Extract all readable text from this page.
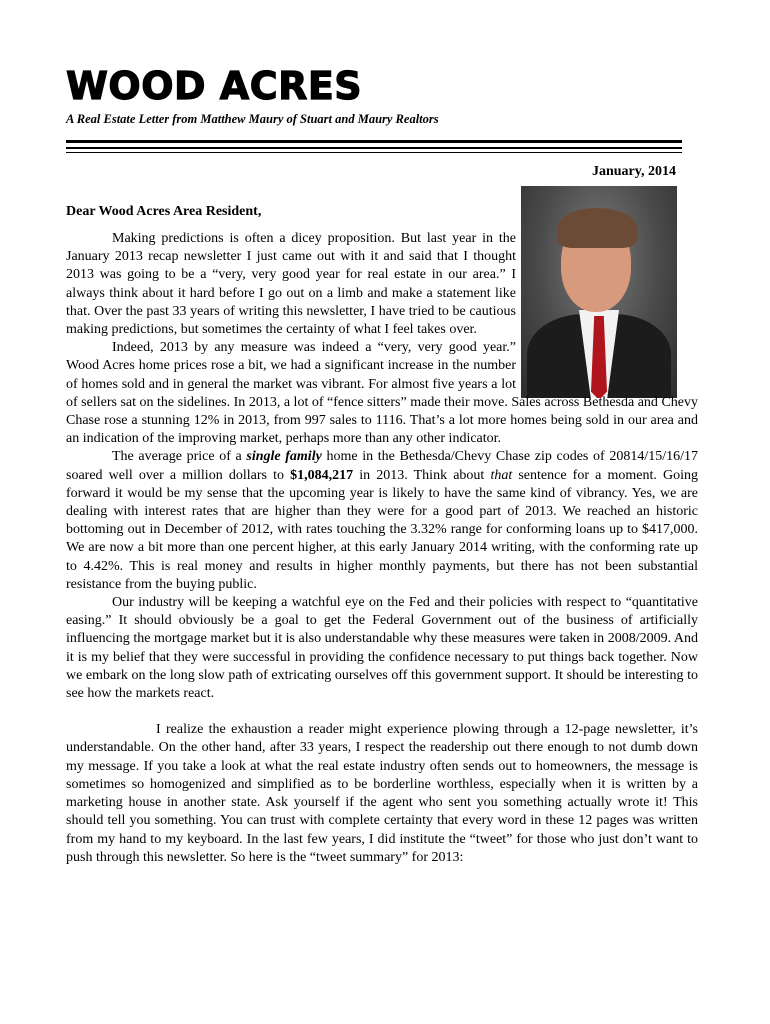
WOOD ACRES
A Real Estate Letter from Matthew Maury of Stuart and Maury Realtors
January, 2014
Dear Wood Acres Area Resident,

Making predictions is often a dicey proposition. But last year in the January 2013 recap newsletter I just came out with it and said that I thought 2013 was going to be a “very, very good year for real estate in our area.” I always think about it hard before I go out on a limb and make a statement like that. Over the past 33 years of writing this newsletter, I have tried to be cautious making predictions, but sometimes the certainty of what I feel takes over.

Indeed, 2013 by any measure was indeed a “very, very good year.” Wood Acres home prices rose a bit, we had a significant increase in the number of homes sold and in general the market was vibrant. For almost five years a lot of sellers sat on the sidelines. In 2013, a lot of “fence sitters” made their move. Sales across Bethesda and Chevy Chase rose a stunning 12% in 2013, from 997 sales to 1116. That’s a lot more homes being sold in our area and an indication of the improving market, perhaps more than any other indicator.

The average price of a single family home in the Bethesda/Chevy Chase zip codes of 20814/15/16/17 soared well over a million dollars to $1,084,217 in 2013. Think about that sentence for a moment. Going forward it would be my sense that the upcoming year is likely to have the same kind of vibrancy. Yes, we are dealing with interest rates that are higher than they were for a good part of 2013. We reached an historic bottoming out in December of 2012, with rates touching the 3.32% range for conforming loans up to $417,000. We are now a bit more than one percent higher, at this early January 2014 writing, with the conforming rate up to 4.42%. This is real money and results in higher monthly payments, but there has not been substantial resistance from the buying public.

Our industry will be keeping a watchful eye on the Fed and their policies with respect to “quantitative easing.” It should obviously be a goal to get the Federal Government out of the business of artificially influencing the mortgage market but it is also understandable why these measures were taken in 2008/2009. And it is my belief that they were successful in providing the confidence necessary to put things back together. Now we embark on the long slow path of extricating ourselves off this government support. It should be interesting to see how the markets react.

I realize the exhaustion a reader might experience plowing through a 12-page newsletter, it’s understandable. On the other hand, after 33 years, I respect the readership out there enough to not dumb down my message. If you take a look at what the real estate industry often sends out to homeowners, the message is sometimes so homogenized and simplified as to be borderline worthless, especially when it is written by a marketing house in another state. Ask yourself if the agent who sent you something actually wrote it! This should tell you something. You can trust with complete certainty that every word in these 12 pages was written from my hand to my keyboard. In the last few years, I did institute the “tweet” for those who just don’t want to push through this newsletter. So here is the “tweet summary” for 2013:
